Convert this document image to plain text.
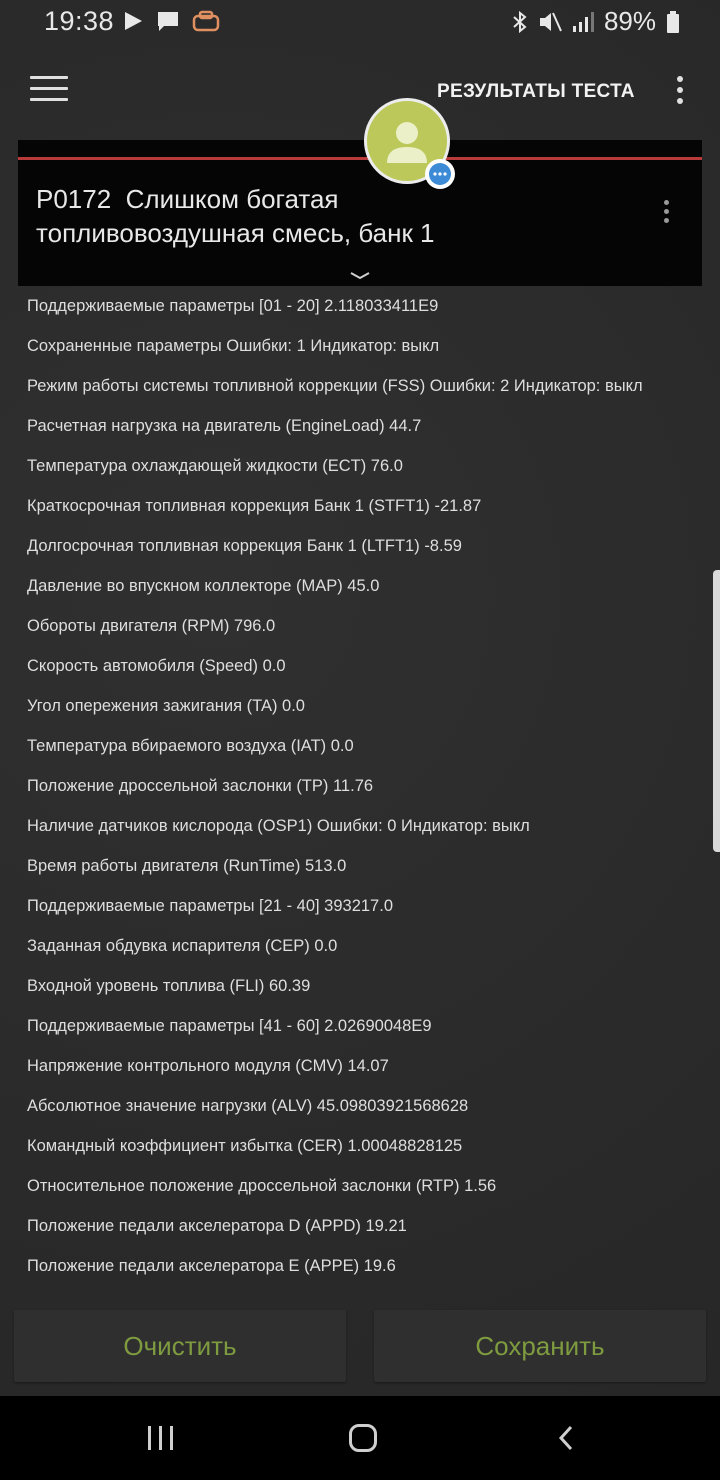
19:38	89%
РЕЗУЛЬТАТЫ ТЕСТА
P0172 Слишком богатая
топливовоздушная смесь, банк 1
Поддерживаемые параметры [01 - 20] 2.118033411E9
Сохраненные параметры Ошибки: 1 Индикатор: выкл
Режим работы системы топливной коррекции (FSS) Ошибки: 2 Индикатор: выкл
Расчетная нагрузка на двигатель (EngineLoad) 44.7
Температура охлаждающей жидкости (ECT) 76.0
Краткосрочная топливная коррекция Банк 1 (STFT1) -21.87
Долгосрочная топливная коррекция Банк 1 (LTFT1) -8.59
Давление во впускном коллекторе (MAP) 45.0
Обороты двигателя (RPM) 796.0
Скорость автомобиля (Speed) 0.0
Угол опережения зажигания (TA) 0.0
Температура вбираемого воздуха (IAT) 0.0
Положение дроссельной заслонки (TP) 11.76
Наличие датчиков кислорода (OSP1) Ошибки: 0 Индикатор: выкл
Время работы двигателя (RunTime) 513.0
Поддерживаемые параметры [21 - 40] 393217.0
Заданная обдувка испарителя (CEP) 0.0
Входной уровень топлива (FLI) 60.39
Поддерживаемые параметры [41 - 60] 2.02690048E9
Напряжение контрольного модуля (CMV) 14.07
Абсолютное значение нагрузки (ALV) 45.09803921568628
Командный коэффициент избытка (CER) 1.00048828125
Относительное положение дроссельной заслонки (RTP) 1.56
Положение педали акселератора D (APPD) 19.21
Положение педали акселератора E (APPE) 19.6
Очистить	Сохранить
